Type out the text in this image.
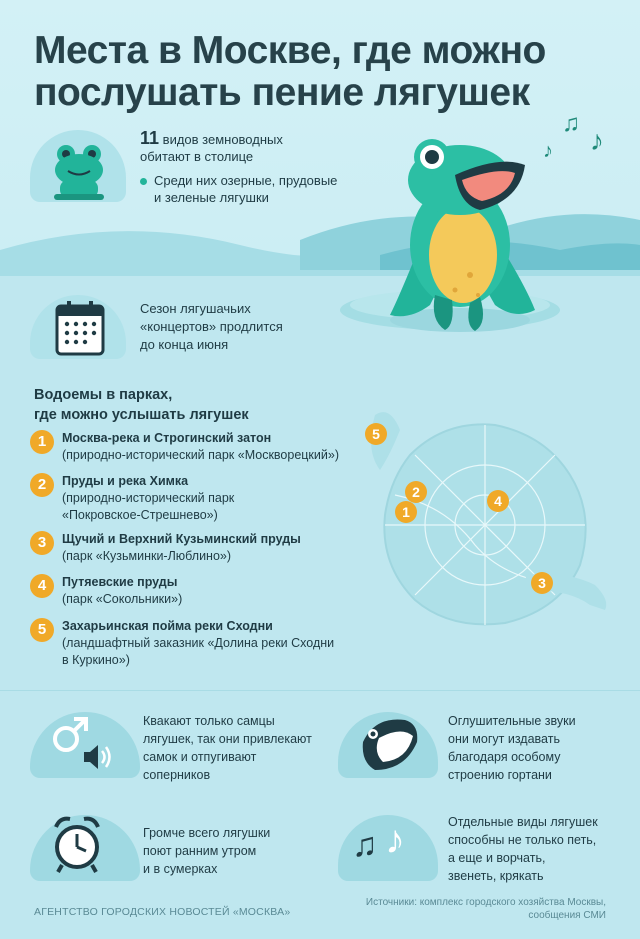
Места в Москве, где можно
послушать пение лягушек
11 видов земноводных
обитают в столице
Среди них озерные, прудовые
и зеленые лягушки
♫
♪
♪
Сезон лягушачьих
«концертов» продлится
до конца июня
Водоемы в парках,
где можно услышать лягушек
1	Москва-река и Строгинский затон
(природно-исторический парк «Москворецкий»)
2	Пруды и река Химка
(природно-исторический парк
«Покровское-Стрешнево»)
3	Щучий и Верхний Кузьминский пруды
(парк «Кузьминки-Люблино»)
4	Путяевские пруды
(парк «Сокольники»)
5	Захарьинская пойма реки Сходни
(ландшафтный заказник «Долина реки Сходни
в Куркино»)
5
2
1
4
3
Квакают только самцы
лягушек, так они привлекают
самок и отпугивают
соперников
Оглушительные звуки
они могут издавать
благодаря особому
строению гортани
Громче всего лягушки
поют ранним утром
и в сумерках
♫ ♪	Отдельные виды лягушек
способны не только петь,
а еще и ворчать,
звенеть, крякать
АГЕНТСТВО ГОРОДСКИХ НОВОСТЕЙ «МОСКВА»
Источники: комплекс городского хозяйства Москвы,
сообщения СМИ
